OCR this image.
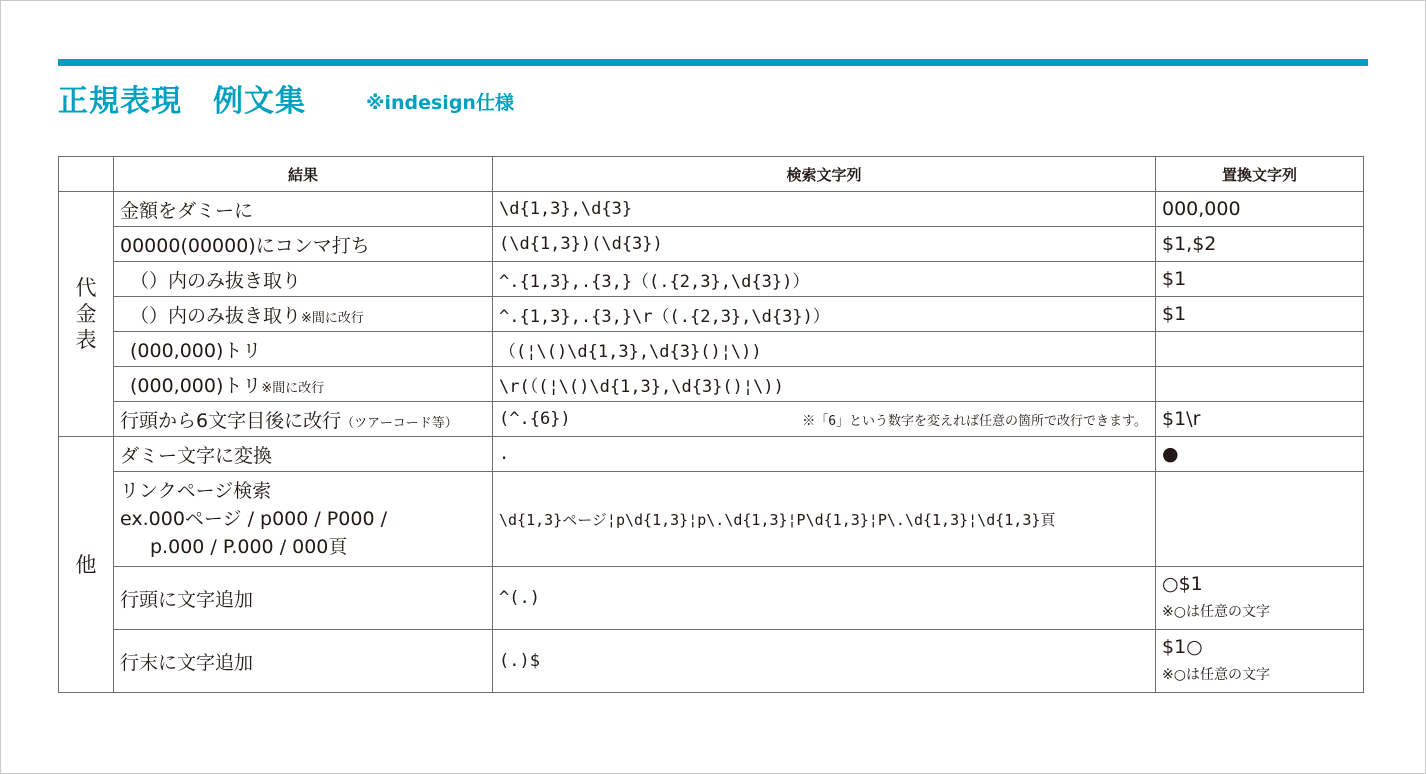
正規表現　例文集	※indesign仕様
	結果	検索文字列	置換文字列
代金表	金額をダミーに	\d{1,3},\d{3}	000,000
	00000(00000)にコンマ打ち	(\d{1,3})(\d{3})	$1,$2
	（）内のみ抜き取り	^.{1,3},.{3,}（(.{2,3},\d{3})）	$1
	（）内のみ抜き取り※間に改行	^.{1,3},.{3,}\r（(.{2,3},\d{3})）	$1
	(000,000)トリ	（(¦\()\d{1,3},\d{3}()¦\))	
	(000,000)トリ※間に改行	\r(（(¦\()\d{1,3},\d{3}()¦\))	
	行頭から6文字目後に改行（ツアーコード等）	(^.{6}) ※「6」という数字を変えれば任意の箇所で改行できます。	$1\r
他	ダミー文字に変換	.	●

	リンクページ検索
ex.000ページ / p000 / P000 /
p.000 / P.000 / 000頁	\d{1,3}ページ¦p\d{1,3}¦p\.\d{1,3}¦P\d{1,3}¦P\.\d{1,3}¦\d{1,3}頁	
	行頭に文字追加	^(.)	○$1
※○は任意の文字

	行末に文字追加	(.)$	$1○
※○は任意の文字
